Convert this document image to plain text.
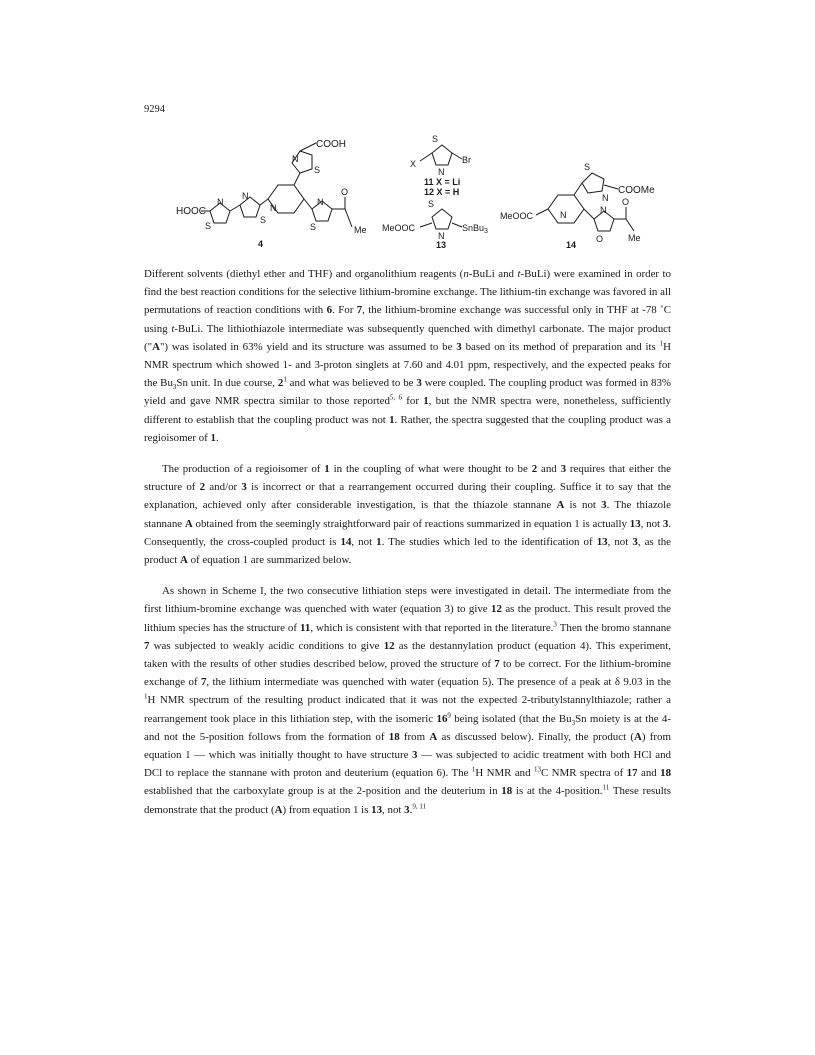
9294
HOOC
N
S
N
S
N
N
S
COOH
N
S
O
Me
4
S
N
X	Br
11 X = Li
12 X = H
S
N
MeOOC	SnBu$_3$
13
MeOOC	N
S
N
COOMe
N
O
O
Me
14

Different solvents (diethyl ether and THF) and organolithium reagents (n-BuLi and t-BuLi) were examined in order to find the best reaction conditions for the selective lithium-bromine exchange. The lithium-tin exchange was favored in all permutations of reaction conditions with 6. For 7, the lithium-bromine exchange was successful only in THF at -78 ˚C using t-BuLi. The lithiothiazole intermediate was subsequently quenched with dimethyl carbonate. The major product ("A") was isolated in 63% yield and its structure was assumed to be 3 based on its method of preparation and its $^1$H NMR spectrum which showed 1- and 3-proton singlets at 7.60 and 4.01 ppm, respectively, and the expected peaks for the $Bu_3Sn$ unit. In due course, $2^1$ and what was believed to be 3 were coupled. The coupling product was formed in 83% yield and gave NMR spectra similar to those reported$^{5, 6}$ for 1, but the NMR spectra were, nonetheless, sufficiently different to establish that the coupling product was not 1. Rather, the spectra suggested that the coupling product was a regioisomer of 1.

The production of a regioisomer of 1 in the coupling of what were thought to be 2 and 3 requires that either the structure of 2 and/or 3 is incorrect or that a rearrangement occurred during their coupling. Suffice it to say that the explanation, achieved only after considerable investigation, is that the thiazole stannane A is not 3. The thiazole stannane A obtained from the seemingly straightforward pair of reactions summarized in equation 1 is actually 13, not 3. Consequently, the cross-coupled product is 14, not 1. The studies which led to the identification of 13, not 3, as the product A of equation 1 are summarized below.

As shown in Scheme I, the two consecutive lithiation steps were investigated in detail. The intermediate from the first lithium-bromine exchange was quenched with water (equation 3) to give 12 as the product. This result proved the lithium species has the structure of 11, which is consistent with that reported in the literature.$^3$ Then the bromo stannane 7 was subjected to weakly acidic conditions to give 12 as the destannylation product (equation 4). This experiment, taken with the results of other studies described below, proved the structure of 7 to be correct. For the lithium-bromine exchange of 7, the lithium intermediate was quenched with water (equation 5). The presence of a peak at δ 9.03 in the $^1$H NMR spectrum of the resulting product indicated that it was not the expected 2-tributylstannylthiazole; rather a rearrangement took place in this lithiation step, with the isomeric $16^9$ being isolated (that the $Bu_3Sn$ moiety is at the 4- and not the 5-position follows from the formation of 18 from A as discussed below). Finally, the product (A) from equation 1 — which was initially thought to have structure 3 — was subjected to acidic treatment with both HCl and DCl to replace the stannane with proton and deuterium (equation 6). The $^1$H NMR and $^{13}$C NMR spectra of 17 and 18 established that the carboxylate group is at the 2-position and the deuterium in 18 is at the 4-position.$^{11}$ These results demonstrate that the product (A) from equation 1 is 13, not 3.$^{9, 11}$
